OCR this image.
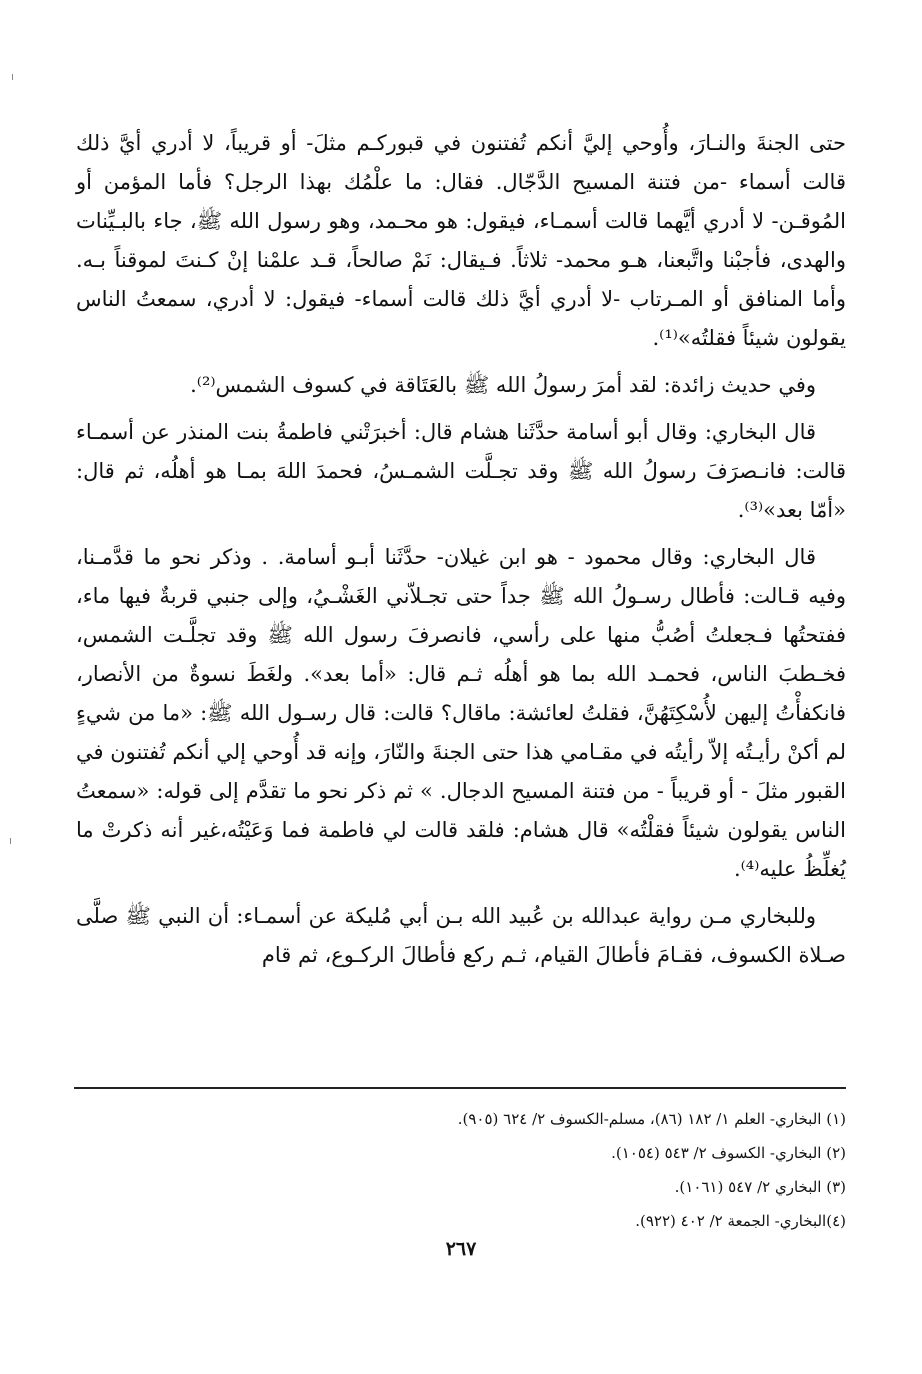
حتى الجنةَ والنـارَ، وأُوحي إليَّ أنكم تُفتنون في قبوركـم مثلَ- أو قريباً، لا أدري أيَّ ذلك قالت أسماء -من فتنة المسيح الدَّجّال. فقال: ما علْمُك بهذا الرجل؟ فأما المؤمن أو المُوقـن- لا أدري أيَّهما قالت أسمـاء، فيقول: هو محـمد، وهو رسول الله ﷺ، جاء بالبـيِّنات والهدى، فأجبْنا واتَّبعنا، هـو محمد- ثلاثاً. فـيقال: نَمْ صالحاً، قـد علمْنا إنْ كـنتَ لموقناً بـه. وأما المنافق أو المـرتاب -لا أدري أيَّ ذلك قالت أسماء- فيقول: لا أدري، سمعتُ الناس يقولون شيئاً فقلتُه»⁽¹⁾.

وفي حديث زائدة: لقد أمرَ رسولُ الله ﷺ بالعَتَاقة في كسوف الشمس⁽²⁾.

قال البخاري: وقال أبو أسامة حدَّثَنا هشام قال: أخبرَتْني فاطمةُ بنت المنذر عن أسمـاء قالت: فانـصرَفَ رسولُ الله ﷺ وقد تجـلَّت الشمـسُ، فحمدَ اللهَ بمـا هو أهلُه، ثم قال: «أمّا بعد»⁽³⁾.

قال البخاري: وقال محمود - هو ابن غيلان- حدَّثَنا أبـو أسامة. . وذكر نحو ما قدَّمـنا، وفيه قـالت: فأطال رسـولُ الله ﷺ جداً حتى تجـلاّني الغَشْـيُ، وإلى جنبي قربةٌ فيها ماء، ففتحتُها فـجعلتُ أصُبُّ منها على رأسي، فانصرفَ رسول الله ﷺ وقد تجلَّـت الشمس، فخـطبَ الناس، فحمـد الله بما هو أهلُه ثـم قال: «أما بعد». ولغَطَ نسوةٌ من الأنصار، فانكفأْتُ إليهن لأُسْكِتَهُنَّ، فقلتُ لعائشة: ماقال؟ قالت: قال رسـول الله ﷺ: «ما من شيءٍ لم أكنْ رأيـتُه إلاّ رأيتُه في مقـامي هذا حتى الجنةَ والنّارَ، وإنه قد أُوحي إلي أنكم تُفتنون في القبور مثلَ - أو قريباً - من فتنة المسيح الدجال. » ثم ذكر نحو ما تقدَّم إلى قوله: «سمعتُ الناس يقولون شيئاً فقلْتُه» قال هشام: فلقد قالت لي فاطمة فما وَعَيْتُه،غير أنه ذكرتْ ما يُغلِّظُ عليه⁽⁴⁾.

وللبخاري مـن رواية عبدالله بن عُبيد الله بـن أبي مُليكة عن أسمـاء: أن النبي ﷺ صلَّى صـلاة الكسوف، فقـامَ فأطالَ القيام، ثـم ركع فأطالَ الركـوع، ثم قام

(١) البخاري- العلم ١/ ١٨٢ (٨٦)، مسلم-الكسوف ٢/ ٦٢٤ (٩٠٥).
(٢) البخاري- الكسوف ٢/ ٥٤٣ (١٠٥٤).
(٣) البخاري ٢/ ٥٤٧ (١٠٦١).
(٤)البخاري- الجمعة ٢/ ٤٠٢ (٩٢٢).
٢٦٧
